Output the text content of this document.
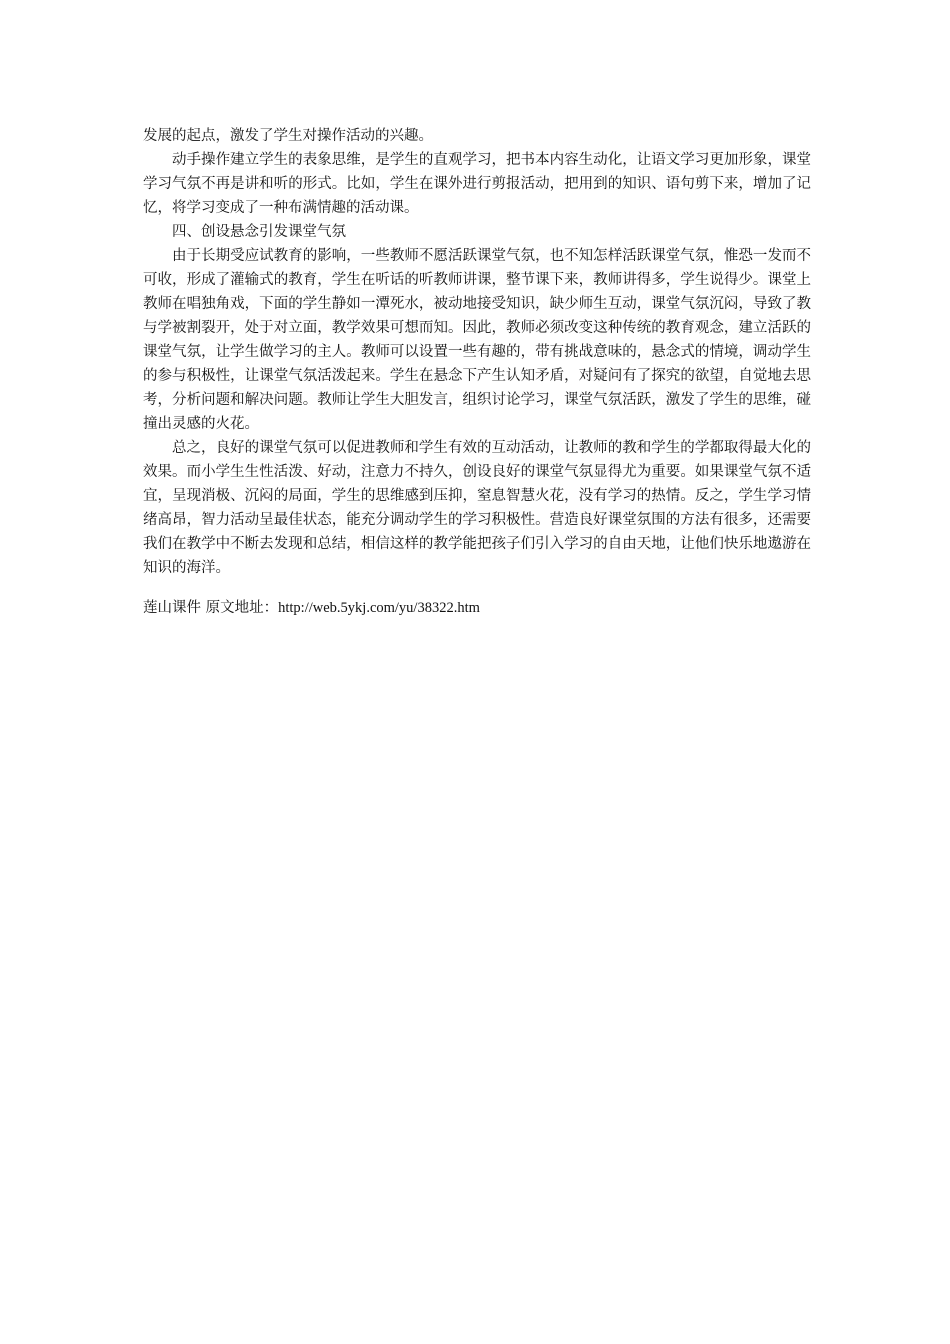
发展的起点，激发了学生对操作活动的兴趣。

动手操作建立学生的表象思维，是学生的直观学习，把书本内容生动化，让语文学习更加形象，课堂学习气氛不再是讲和听的形式。比如，学生在课外进行剪报活动，把用到的知识、语句剪下来，增加了记忆，将学习变成了一种布满情趣的活动课。

四、创设悬念引发课堂气氛

由于长期受应试教育的影响，一些教师不愿活跃课堂气氛，也不知怎样活跃课堂气氛，惟恐一发而不可收，形成了灌输式的教育，学生在听话的听教师讲课，整节课下来，教师讲得多，学生说得少。课堂上教师在唱独角戏，下面的学生静如一潭死水，被动地接受知识，缺少师生互动，课堂气氛沉闷，导致了教与学被割裂开，处于对立面，教学效果可想而知。因此，教师必须改变这种传统的教育观念，建立活跃的课堂气氛，让学生做学习的主人。教师可以设置一些有趣的，带有挑战意味的，悬念式的情境，调动学生的参与积极性，让课堂气氛活泼起来。学生在悬念下产生认知矛盾，对疑问有了探究的欲望，自觉地去思考，分析问题和解决问题。教师让学生大胆发言，组织讨论学习，课堂气氛活跃，激发了学生的思维，碰撞出灵感的火花。

总之，良好的课堂气氛可以促进教师和学生有效的互动活动，让教师的教和学生的学都取得最大化的效果。而小学生生性活泼、好动，注意力不持久，创设良好的课堂气氛显得尤为重要。如果课堂气氛不适宜，呈现消极、沉闷的局面，学生的思维感到压抑，窒息智慧火花，没有学习的热情。反之，学生学习情绪高昂，智力活动呈最佳状态，能充分调动学生的学习积极性。营造良好课堂氛围的方法有很多，还需要我们在教学中不断去发现和总结，相信这样的教学能把孩子们引入学习的自由天地，让他们快乐地遨游在知识的海洋。

莲山课件 原文地址：http://web.5ykj.com/yu/38322.htm
